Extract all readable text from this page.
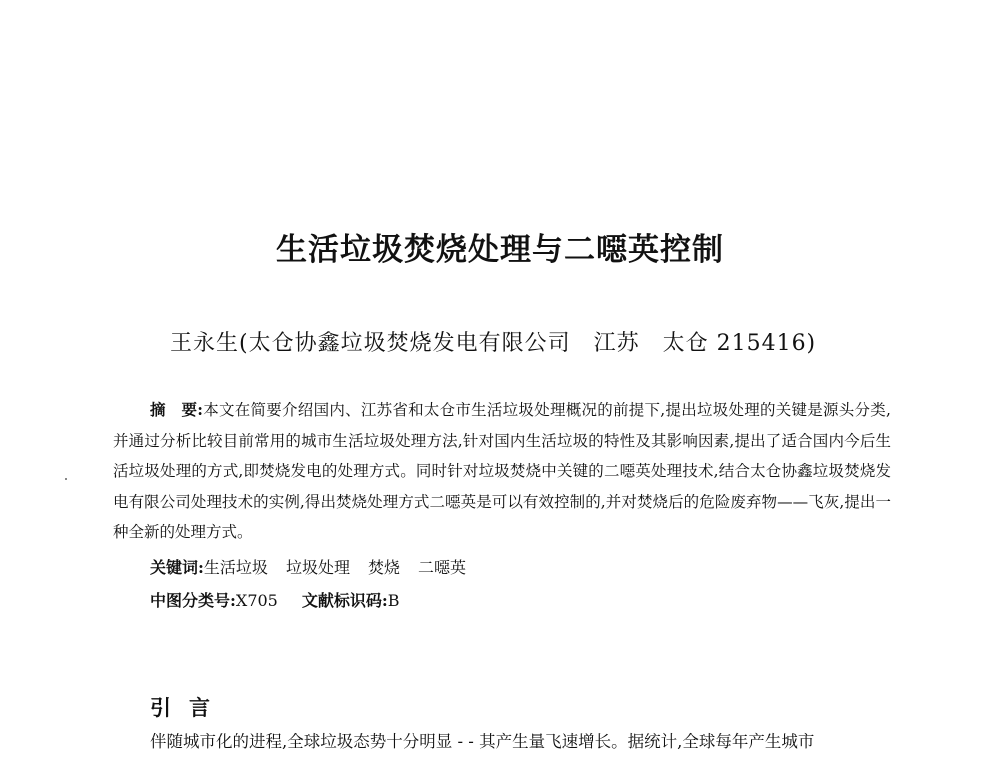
生活垃圾焚烧处理与二噁英控制
王永生(太仓协鑫垃圾焚烧发电有限公司　江苏　太仓 215416)
摘　要:本文在简要介绍国内、江苏省和太仓市生活垃圾处理概况的前提下,提出垃圾处理的关键是源头分类,并通过分析比较目前常用的城市生活垃圾处理方法,针对国内生活垃圾的特性及其影响因素,提出了适合国内今后生活垃圾处理的方式,即焚烧发电的处理方式。同时针对垃圾焚烧中关键的二噁英处理技术,结合太仓协鑫垃圾焚烧发电有限公司处理技术的实例,得出焚烧处理方式二噁英是可以有效控制的,并对焚烧后的危险废弃物——飞灰,提出一种全新的处理方式。
关键词:生活垃圾 垃圾处理 焚烧 二噁英
中图分类号:X705 文献标识码:B
引言
伴随城市化的进程,全球垃圾态势十分明显 - - 其产生量飞速增长。据统计,全球每年产生城市
